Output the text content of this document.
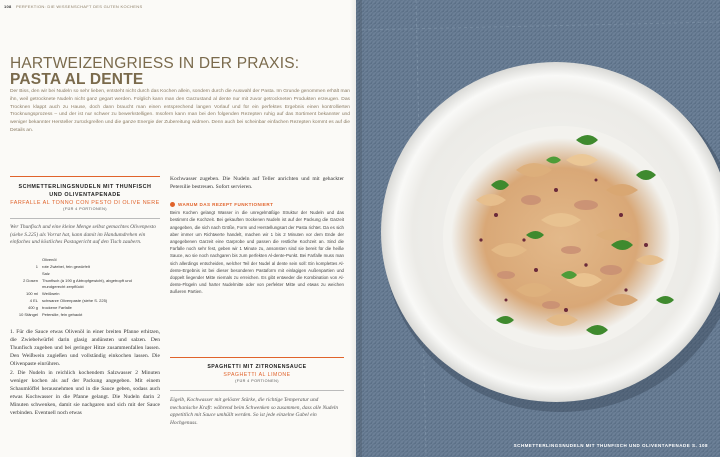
108 PERFEKTION: DIE WISSENSCHAFT DES GUTEN KOCHENS
HARTWEIZENGRIESS IN DER PRAXIS:
PASTA AL DENTE
Der Biss, den wir bei Nudeln so sehr lieben, entsteht nicht durch das Kochen allein, sondern durch die Auswahl der Pasta. Im Grunde genommen erhält man ihn, weil getrocknete Nudeln nicht ganz gegart werden. Folglich kann man den Garzustand al dente nur mit zuvor getrockneten Produkten erzeugen. Das Trocknen klappt auch zu Hause, doch dann braucht man einen entsprechend langen Vorlauf und für ein perfektes Ergebnis einen kontrollierten Trocknungsprozess – und der ist nur schwer zu bewerkstelligen. Insofern kann man bei den folgenden Rezepten ruhig auf das Sortiment bekannter und weniger bekannter Hersteller zurückgreifen und die ganze Energie der Zubereitung widmen. Denn auch bei scheinbar einfachen Rezepten kommt es auf die Details an.
SCHMETTERLINGSNUDELN MIT THUNFISCH
UND OLIVENTAPENADE
FARFALLE AL TONNO CON PESTO DI OLIVE NERE
(FÜR 4 PORTIONEN)
Wer Thunfisch und eine kleine Menge selbst gemachtes Olivenpesto (siehe S.225) als Vorrat hat, kann damit im Handumdrehen ein einfaches und köstliches Pastagericht auf den Tisch zaubern.
	Olivenöl
1	rote Zwiebel, fein gewürfelt
	Salz
2 Dosen	Thunfisch (à 190 g Abtropfgewicht), abgetropft und
	mundgerecht zerpflückt
100 ml	Weißwein
4 EL	schwarze Olivenpaste (siehe S. 225)
400 g	trockene Farfalle
10 Stängel	Petersilie, fein gehackt

1. Für die Sauce etwas Olivenöl in einer breiten Pfanne erhitzen, die Zwiebelwürfel darin glasig andünsten und salzen. Den Thunfisch zugeben und bei geringer Hitze zusammenfallen lassen. Den Weißwein zugießen und vollständig einkochen lassen. Die Olivenpaste einrühren.

2. Die Nudeln in reichlich kochendem Salzwasser 2 Minuten weniger kochen als auf der Packung angegeben. Mit einem Schaumlöffel herausnehmen und in die Sauce geben, sodass auch etwas Kochwasser in die Pfanne gelangt. Die Nudeln darin 2 Minuten schwenken, damit sie nachgaren und sich mit der Sauce verbinden. Eventuell noch etwas

Kochwasser zugeben. Die Nudeln auf Teller anrichten und mit gehackter Petersilie bestreuen. Sofort servieren.
WARUM DAS REZEPT FUNKTIONIERT
Beim Kochen gelangt Wasser in die unregelmäßige Struktur der Nudeln und das bestimmt die Kochzeit. Bei gekauften trockenen Nudeln ist auf der Packung die Garzeit angegeben, die sich nach Größe, Form und Herstellungsart der Pasta richtet. Da es sich aber immer um Richtwerte handelt, machen wir 1 bis 2 Minuten vor dem Ende der angegebenen Garzeit eine Garprobe und passen die restliche Kochzeit an. Sind die Farfalle noch sehr fest, geben wir 1 Minute zu, ansonsten sind sie bereit für die heiße Sauce, wo sie noch nachgaren bis zum perfekten Al-dente-Punkt. Bei Farfalle muss man sich allerdings entscheiden, welcher Teil der Nudel al dente sein soll: Ein komplettes Al-dente-Ergebnis ist bei dieser besonderen Pastaform mit einlagigen Außenpartien und doppelt liegender Mitte niemals zu erreichen. Es gibt entweder die Kombination von Al-dente-Flügeln und harter Nudelmitte oder von perfekter Mitte und etwas zu weichen äußeren Partien.
SPAGHETTI MIT ZITRONENSAUCE
SPAGHETTI AL LIMONE
(FÜR 4 PORTIONEN)
Eigelb, Kochwasser mit gelöster Stärke, die richtige Temperatur und mechanische Kraft: während beim Schwenken so zusammen, dass alle Nudeln appetitlich mit Sauce umhüllt werden. So ist jede einzelne Gabel ein Hochgenuss.
SCHMETTERLINGSNUDELN MIT THUNFISCH UND OLIVENTAPENADE S. 108
